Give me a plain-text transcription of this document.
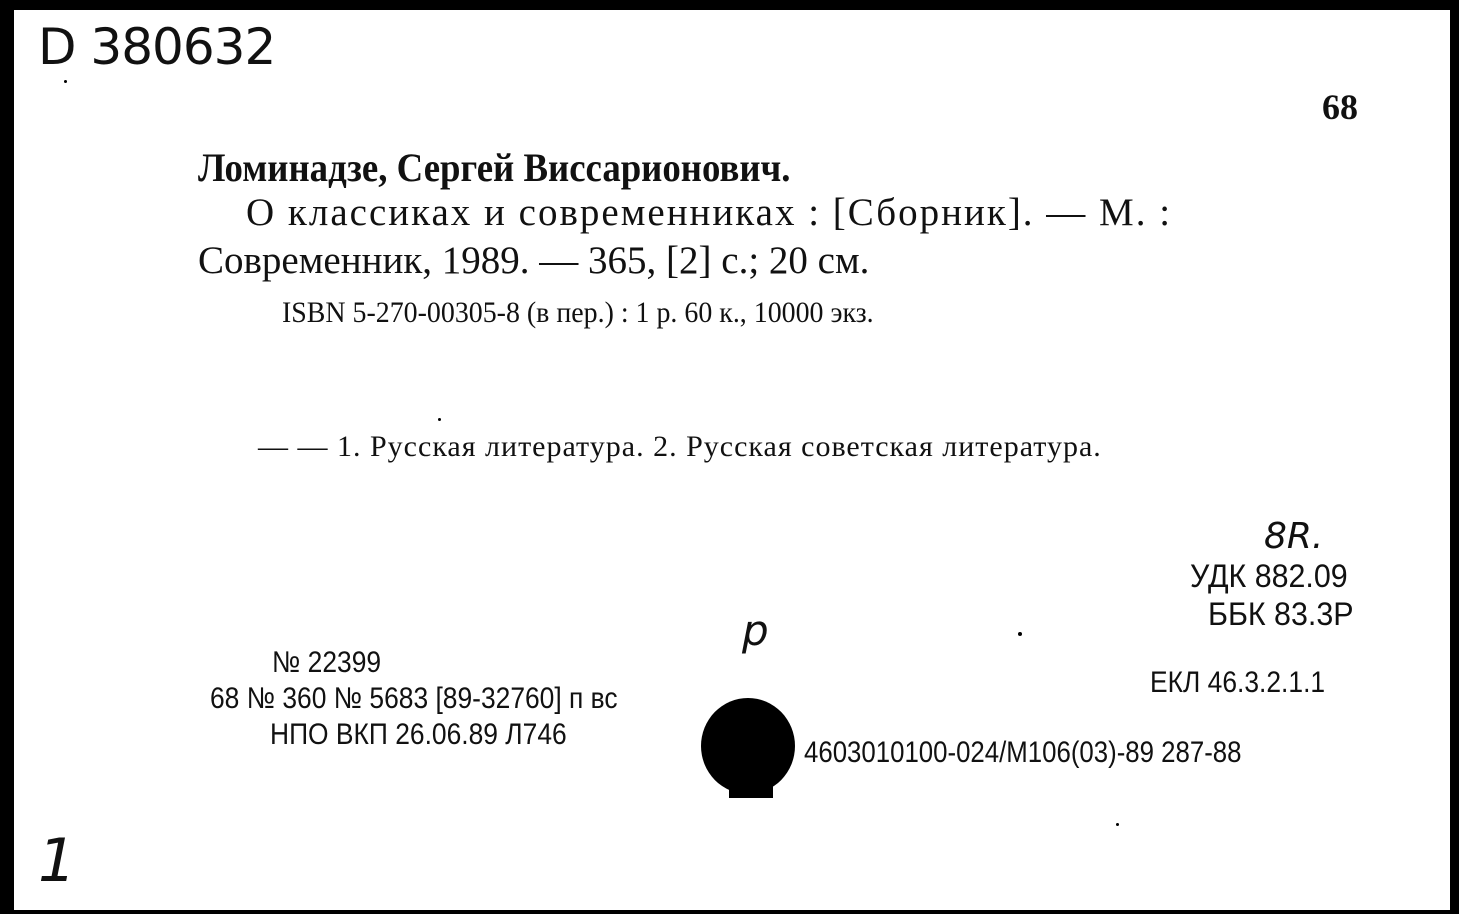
D 380632
68
Ломинадзе, Сергей Виссарионович.
О классиках и современниках : [Сборник]. — М. :
Современник, 1989. — 365, [2] с.; 20 см.
ISBN 5-270-00305-8 (в пер.) : 1 р. 60 к., 10000 экз.
— — 1. Русская литература. 2. Русская советская литература.
8R.
УДК 882.09
ББК 83.3Р
р
№ 22399
68 № 360 № 5683 [89-32760] п вс
НПО ВКП 26.06.89 Л746
ЕКЛ 46.3.2.1.1
4603010100-024/М106(03)-89 287-88
1
